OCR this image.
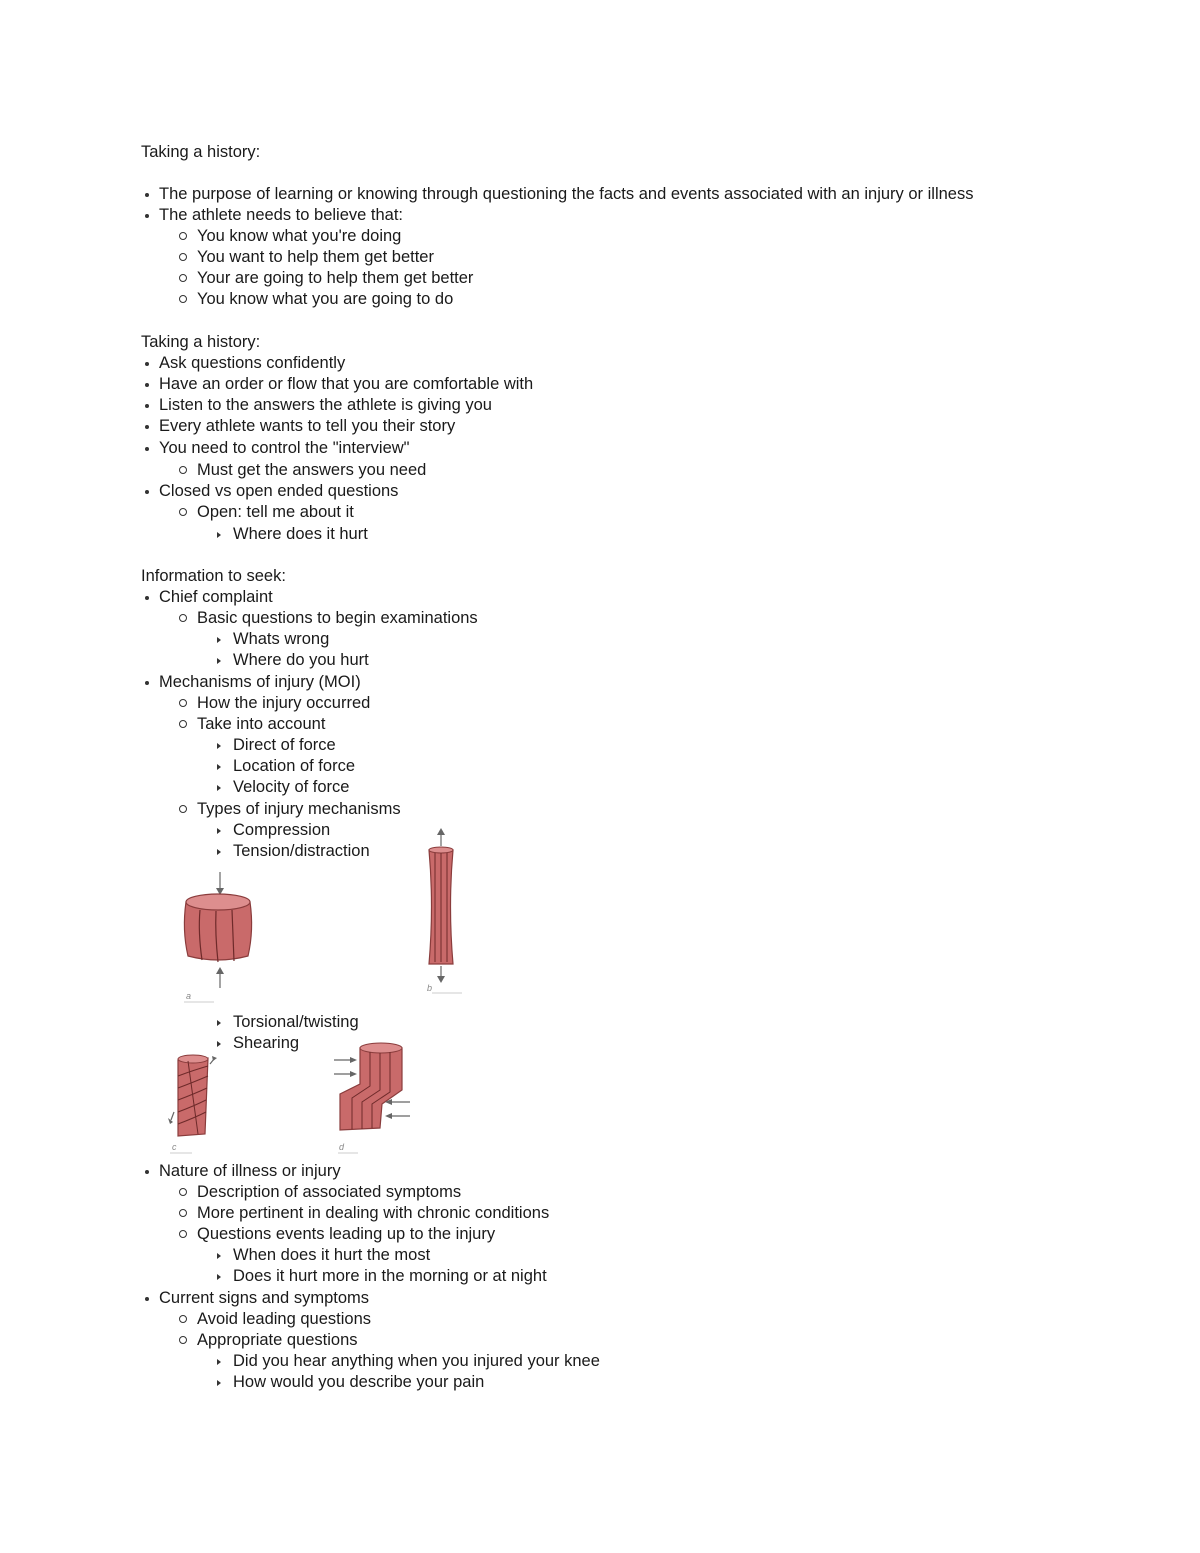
Taking a history:
The purpose of learning or knowing through questioning the facts and events associated with an injury or illness
The athlete needs to believe that:
You know what you're doing
You want to help them get better
Your are going to help them get better
You know what you are going to do
Taking a history:
Ask questions confidently
Have an order or flow that you are comfortable with
Listen to the answers the athlete is giving you
Every athlete wants to tell you their story
You need to control the "interview"
Must get the answers you need
Closed vs open ended questions
Open: tell me about it
Where does it hurt
Information to seek:
Chief complaint
Basic questions to begin examinations
Whats wrong
Where do you hurt
Mechanisms of injury (MOI)
How the injury occurred
Take into account
Direct of force
Location of force
Velocity of force
Types of injury mechanisms
Compression
Tension/distraction
a
b
Torsional/twisting
Shearing
c	d
Nature of illness or injury
Description of associated symptoms
More pertinent in dealing with chronic conditions
Questions events leading up to the injury
When does it hurt the most
Does it hurt more in the morning or at night
Current signs and symptoms
Avoid leading questions
Appropriate questions
Did you hear anything when you injured your knee
How would you describe your pain
